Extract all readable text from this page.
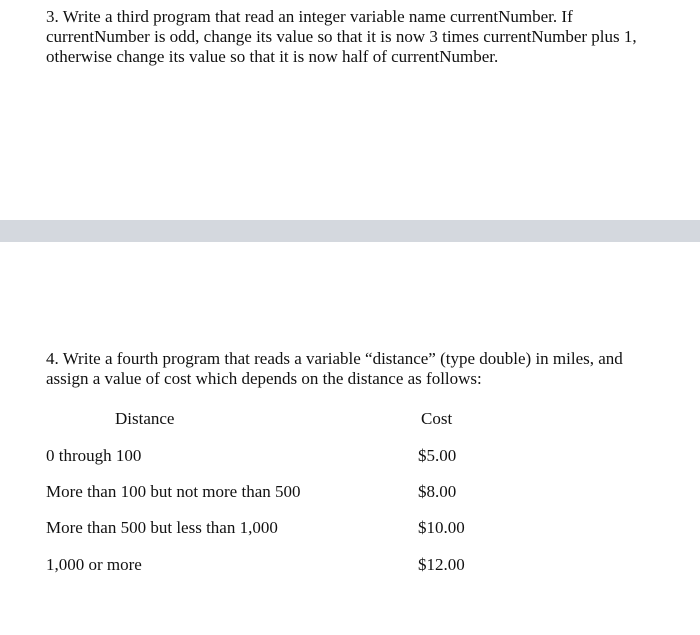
3. Write a third program that read an integer variable name currentNumber. If
currentNumber is odd, change its value so that it is now 3 times currentNumber plus 1,
otherwise change its value so that it is now half of currentNumber.
4. Write a fourth program that reads a variable “distance” (type double) in miles, and
assign a value of cost which depends on the distance as follows:
Distance	Cost
0 through 100	$5.00
More than 100 but not more than 500	$8.00
More than 500 but less than 1,000	$10.00
1,000 or more	$12.00
